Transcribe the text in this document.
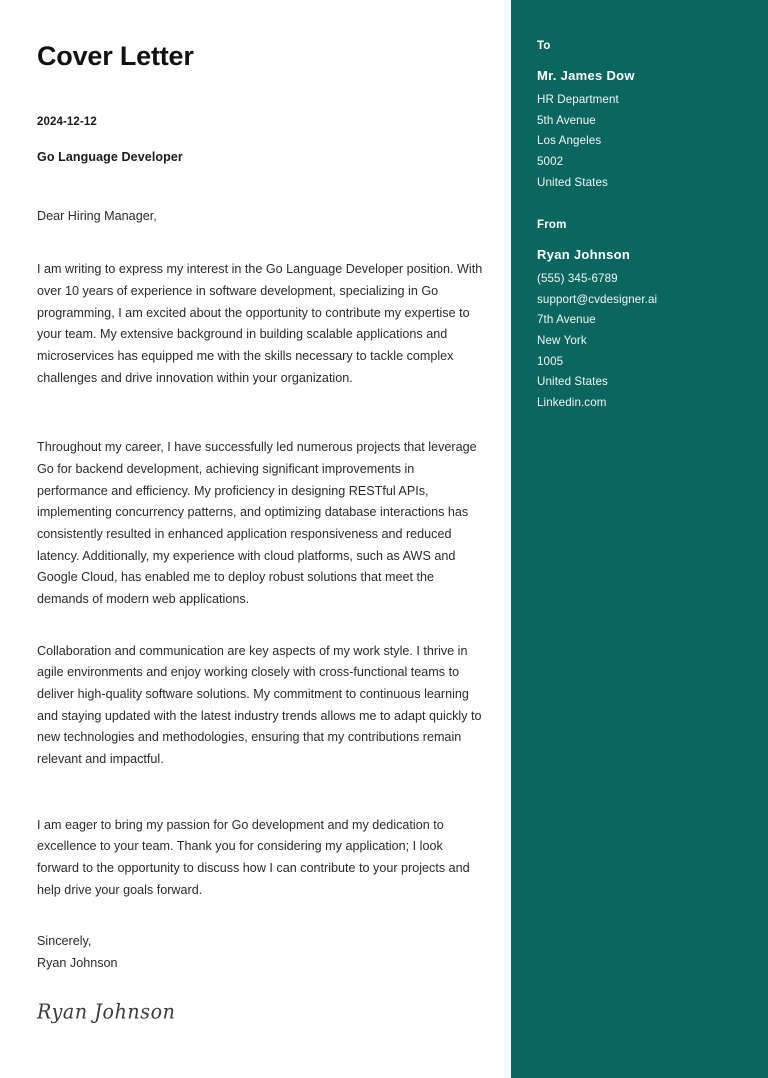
Cover Letter
2024-12-12
Go Language Developer
Dear Hiring Manager,

I am writing to express my interest in the Go Language Developer position. With over 10 years of experience in software development, specializing in Go programming, I am excited about the opportunity to contribute my expertise to your team. My extensive background in building scalable applications and microservices has equipped me with the skills necessary to tackle complex challenges and drive innovation within your organization.

Throughout my career, I have successfully led numerous projects that leverage Go for backend development, achieving significant improvements in performance and efficiency. My proficiency in designing RESTful APIs, implementing concurrency patterns, and optimizing database interactions has consistently resulted in enhanced application responsiveness and reduced latency. Additionally, my experience with cloud platforms, such as AWS and Google Cloud, has enabled me to deploy robust solutions that meet the demands of modern web applications.

Collaboration and communication are key aspects of my work style. I thrive in agile environments and enjoy working closely with cross-functional teams to deliver high-quality software solutions. My commitment to continuous learning and staying updated with the latest industry trends allows me to adapt quickly to new technologies and methodologies, ensuring that my contributions remain relevant and impactful.

I am eager to bring my passion for Go development and my dedication to excellence to your team. Thank you for considering my application; I look forward to the opportunity to discuss how I can contribute to your projects and help drive your goals forward.

Sincerely,
Ryan Johnson
Ryan Johnson
To
Mr. James Dow
HR Department
5th Avenue
Los Angeles
5002
United States
From
Ryan Johnson
(555) 345-6789
support@cvdesigner.ai
7th Avenue
New York
1005
United States
Linkedin.com
